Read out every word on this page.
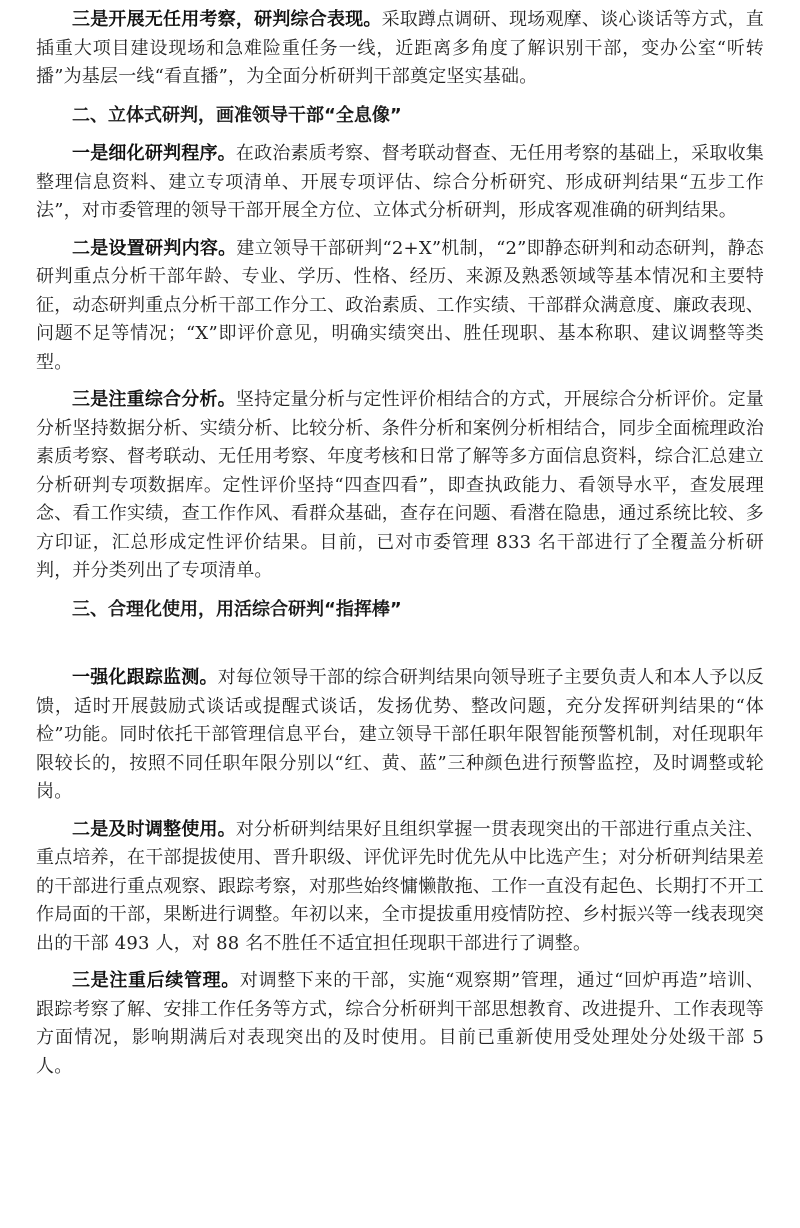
三是开展无任用考察，研判综合表现。采取蹲点调研、现场观摩、谈心谈话等方式，直插重大项目建设现场和急难险重任务一线，近距离多角度了解识别干部，变办公室“听转播”为基层一线“看直播”，为全面分析研判干部奠定坚实基础。

二、立体式研判，画准领导干部“全息像”

一是细化研判程序。在政治素质考察、督考联动督查、无任用考察的基础上，采取收集整理信息资料、建立专项清单、开展专项评估、综合分析研究、形成研判结果“五步工作法”，对市委管理的领导干部开展全方位、立体式分析研判，形成客观准确的研判结果。

二是设置研判内容。建立领导干部研判“2+X”机制，“2”即静态研判和动态研判，静态研判重点分析干部年龄、专业、学历、性格、经历、来源及熟悉领域等基本情况和主要特征，动态研判重点分析干部工作分工、政治素质、工作实绩、干部群众满意度、廉政表现、问题不足等情况；“X”即评价意见，明确实绩突出、胜任现职、基本称职、建议调整等类型。

三是注重综合分析。坚持定量分析与定性评价相结合的方式，开展综合分析评价。定量分析坚持数据分析、实绩分析、比较分析、条件分析和案例分析相结合，同步全面梳理政治素质考察、督考联动、无任用考察、年度考核和日常了解等多方面信息资料，综合汇总建立分析研判专项数据库。定性评价坚持“四查四看”，即查执政能力、看领导水平，查发展理念、看工作实绩，查工作作风、看群众基础，查存在问题、看潜在隐患，通过系统比较、多方印证，汇总形成定性评价结果。目前，已对市委管理 833 名干部进行了全覆盖分析研判，并分类列出了专项清单。

三、合理化使用，用活综合研判“指挥棒”

一强化跟踪监测。对每位领导干部的综合研判结果向领导班子主要负责人和本人予以反馈，适时开展鼓励式谈话或提醒式谈话，发扬优势、整改问题，充分发挥研判结果的“体检”功能。同时依托干部管理信息平台，建立领导干部任职年限智能预警机制，对任现职年限较长的，按照不同任职年限分别以“红、黄、蓝”三种颜色进行预警监控，及时调整或轮岗。

二是及时调整使用。对分析研判结果好且组织掌握一贯表现突出的干部进行重点关注、重点培养，在干部提拔使用、晋升职级、评优评先时优先从中比选产生；对分析研判结果差的干部进行重点观察、跟踪考察，对那些始终慵懒散拖、工作一直没有起色、长期打不开工作局面的干部，果断进行调整。年初以来，全市提拔重用疫情防控、乡村振兴等一线表现突出的干部 493 人，对 88 名不胜任不适宜担任现职干部进行了调整。

三是注重后续管理。对调整下来的干部，实施“观察期”管理，通过“回炉再造”培训、跟踪考察了解、安排工作任务等方式，综合分析研判干部思想教育、改进提升、工作表现等方面情况，影响期满后对表现突出的及时使用。目前已重新使用受处理处分处级干部 5 人。
